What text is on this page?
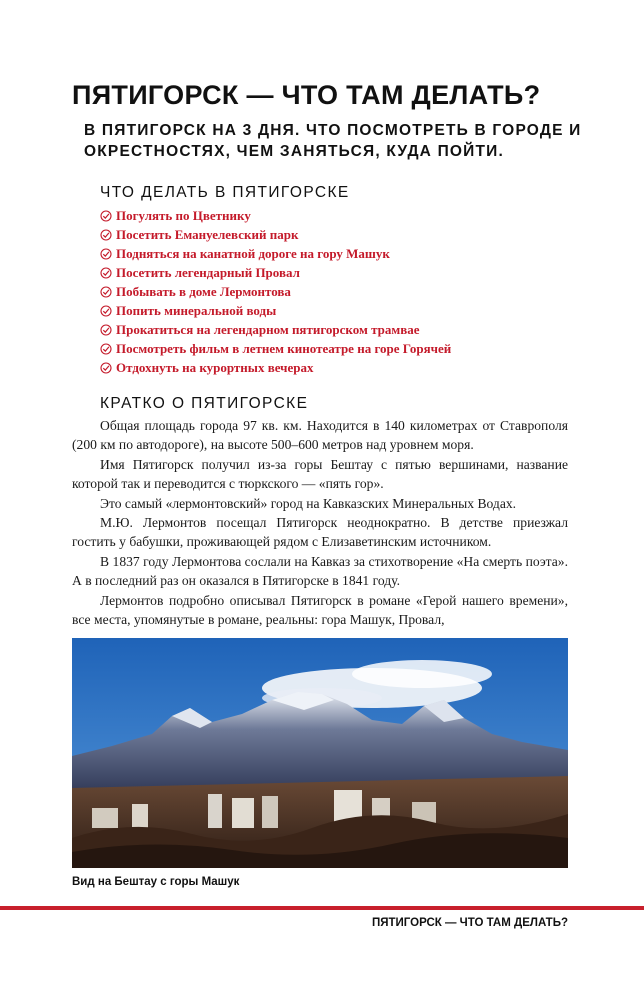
ПЯТИГОРСК — ЧТО ТАМ ДЕЛАТЬ?

В ПЯТИГОРСК НА 3 ДНЯ. ЧТО ПОСМОТРЕТЬ В ГОРОДЕ И ОКРЕСТНОСТЯХ, ЧЕМ ЗАНЯТЬСЯ, КУДА ПОЙТИ.

ЧТО ДЕЛАТЬ В ПЯТИГОРСКЕ
Погулять по Цветнику
Посетить Емануелевский парк
Подняться на канатной дороге на гору Машук
Посетить легендарный Провал
Побывать в доме Лермонтова
Попить минеральной воды
Прокатиться на легендарном пятигорском трамвае
Посмотреть фильм в летнем кинотеатре на горе Горячей
Отдохнуть на курортных вечерах
КРАТКО О ПЯТИГОРСКЕ

Общая площадь города 97 кв. км. Находится в 140 километрах от Ставрополя (200 км по автодороге), на высоте 500–600 метров над уровнем моря.

Имя Пятигорск получил из-за горы Бештау с пятью вершинами, название которой так и переводится с тюркского — «пять гор».

Это самый «лермонтовский» город на Кавказских Минеральных Водах.

М.Ю. Лермонтов посещал Пятигорск неоднократно. В детстве приезжал гостить у бабушки, проживающей рядом с Елизаветинским источником.

В 1837 году Лермонтова сослали на Кавказ за стихотворение «На смерть поэта». А в последний раз он оказался в Пятигорске в 1841 году.

Лермонтов подробно описывал Пятигорск в романе «Герой нашего времени», все места, упомянутые в романе, реальны: гора Машук, Провал,

Вид на Бештау с горы Машук

ПЯТИГОРСК — ЧТО ТАМ ДЕЛАТЬ?
